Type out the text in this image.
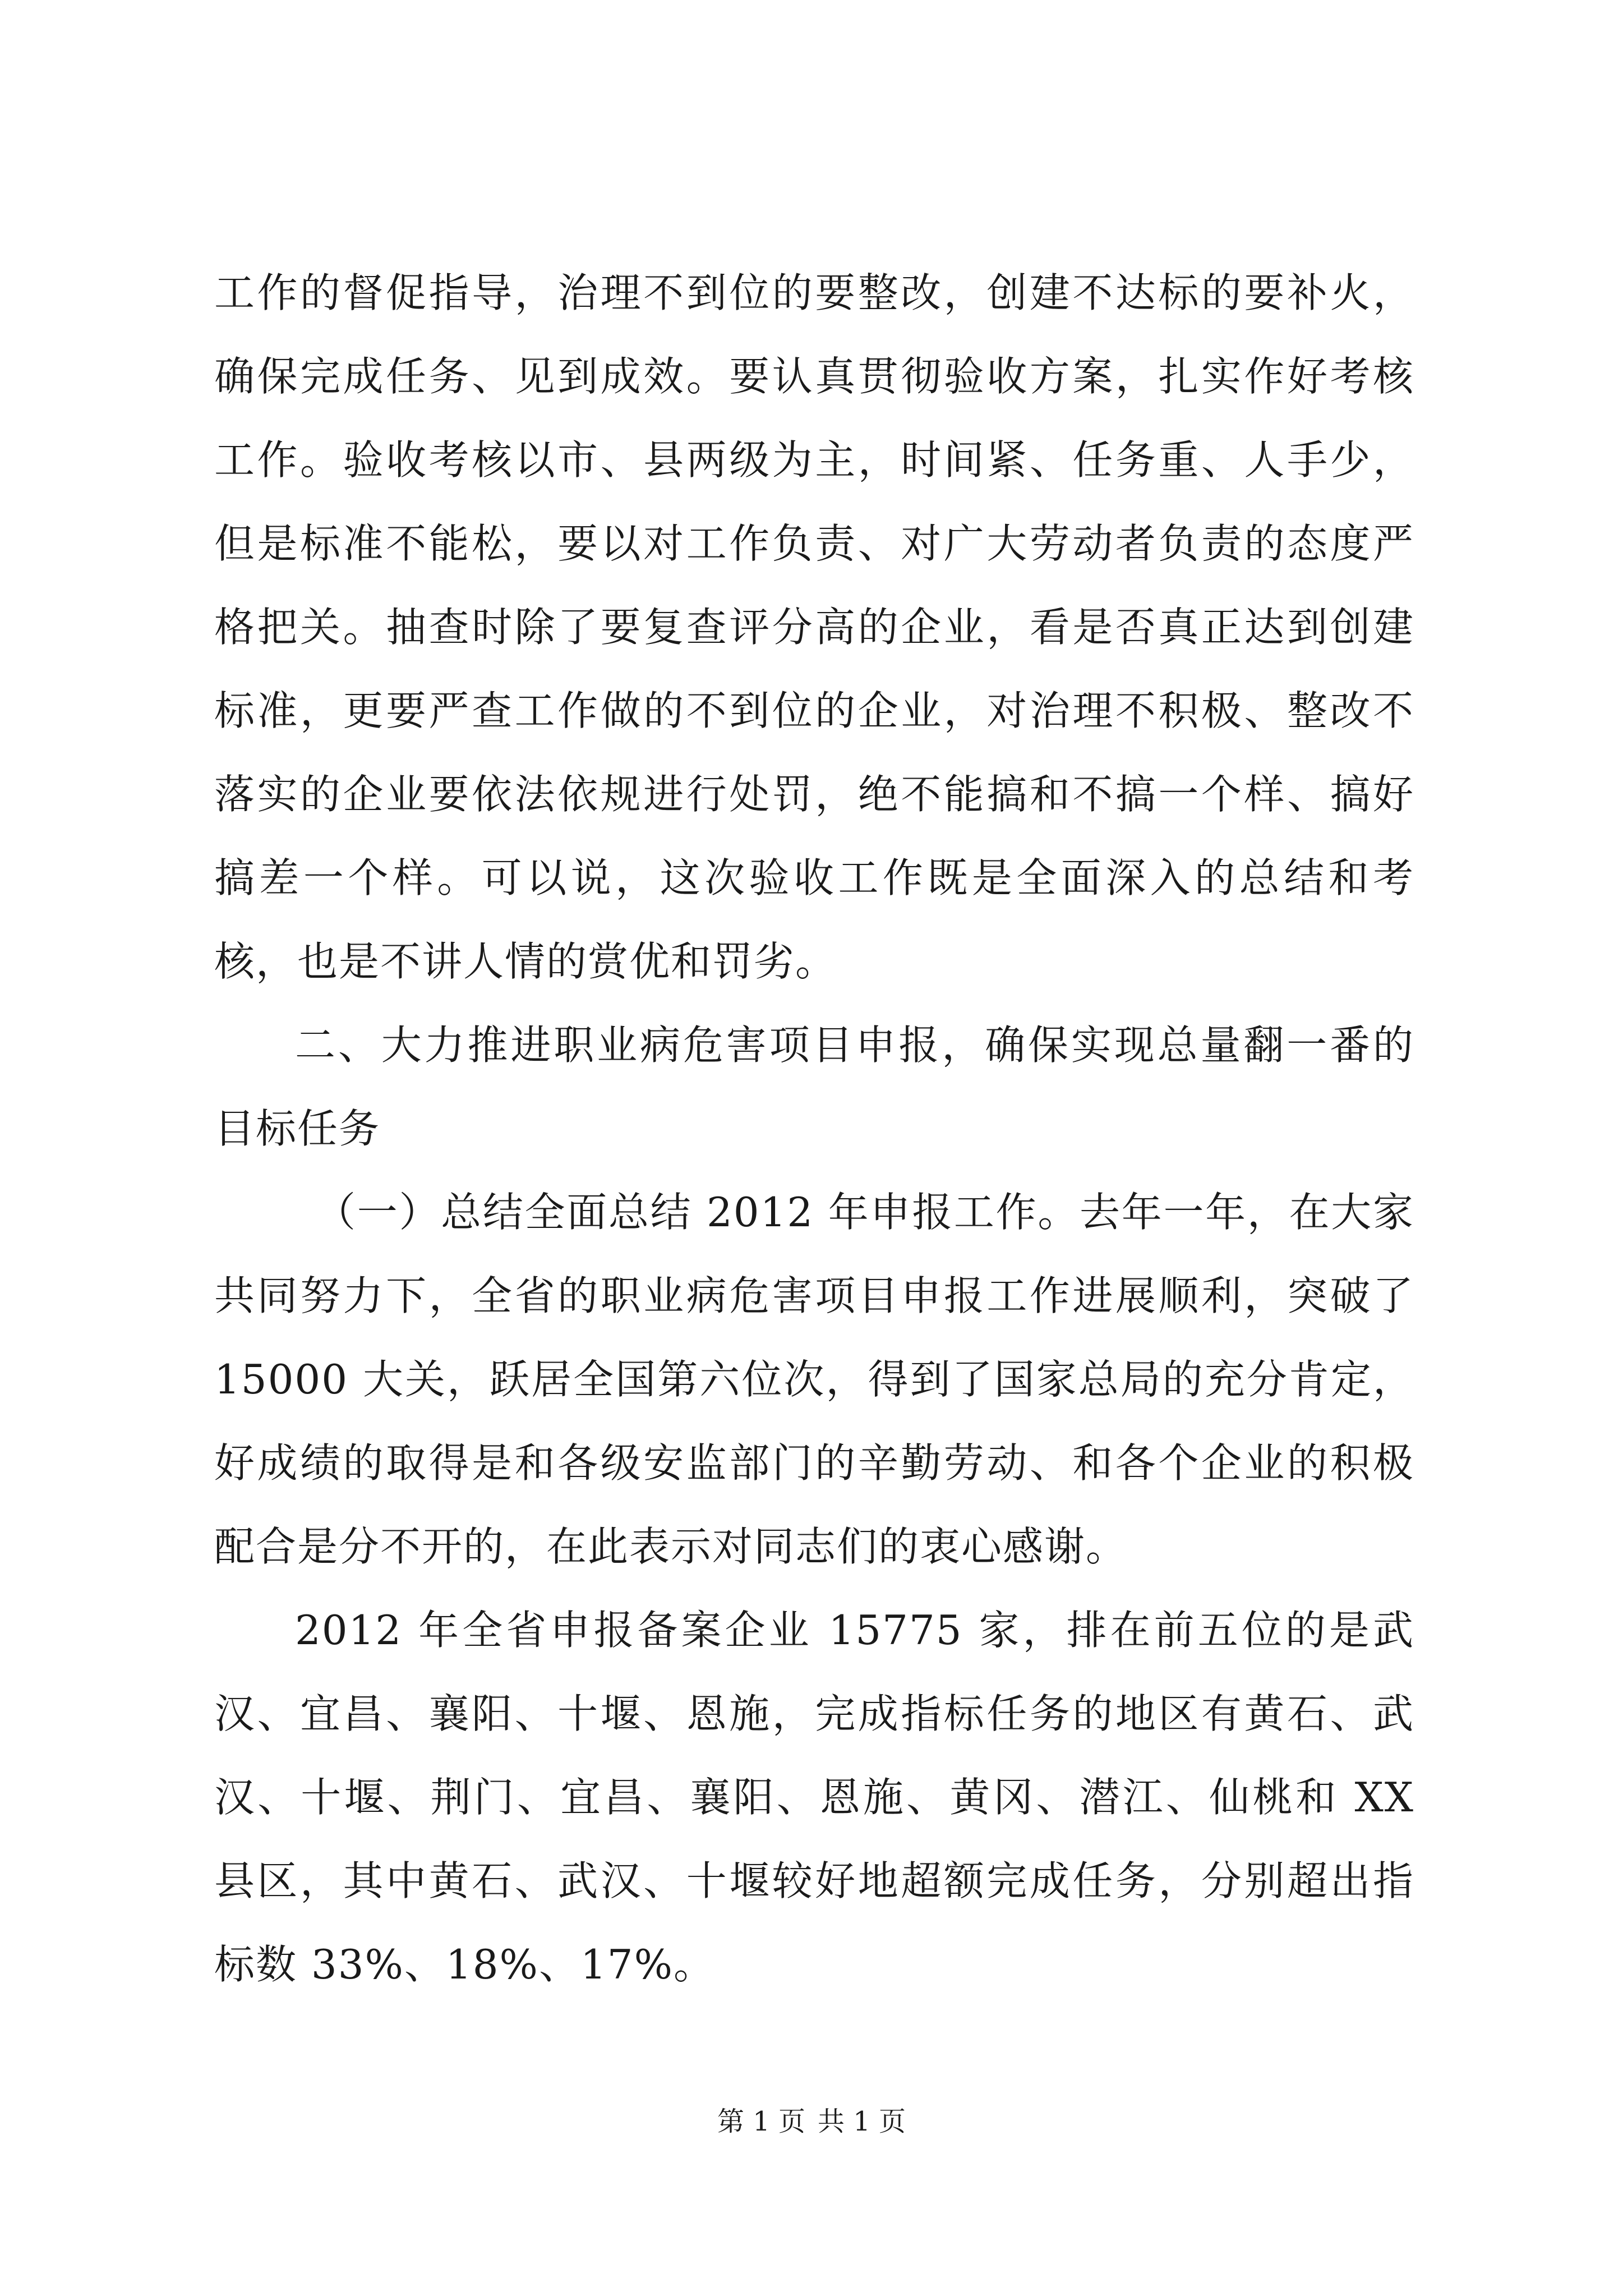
工作的督促指导，治理不到位的要整改，创建不达标的要补火，确保完成任务、见到成效。要认真贯彻验收方案，扎实作好考核工作。验收考核以市、县两级为主，时间紧、任务重、人手少，但是标准不能松，要以对工作负责、对广大劳动者负责的态度严格把关。抽查时除了要复查评分高的企业，看是否真正达到创建标准，更要严查工作做的不到位的企业，对治理不积极、整改不落实的企业要依法依规进行处罚，绝不能搞和不搞一个样、搞好搞差一个样。可以说，这次验收工作既是全面深入的总结和考核，也是不讲人情的赏优和罚劣。

二、大力推进职业病危害项目申报，确保实现总量翻一番的目标任务

（一）总结全面总结 2012 年申报工作。去年一年，在大家共同努力下，全省的职业病危害项目申报工作进展顺利，突破了 15000 大关，跃居全国第六位次，得到了国家总局的充分肯定，好成绩的取得是和各级安监部门的辛勤劳动、和各个企业的积极配合是分不开的，在此表示对同志们的衷心感谢。

2012 年全省申报备案企业 15775 家，排在前五位的是武汉、宜昌、襄阳、十堰、恩施，完成指标任务的地区有黄石、武汉、十堰、荆门、宜昌、襄阳、恩施、黄冈、潜江、仙桃和 XX 县区，其中黄石、武汉、十堰较好地超额完成任务，分别超出指标数 33%、18%、17%。

第 1 页 共 1 页
